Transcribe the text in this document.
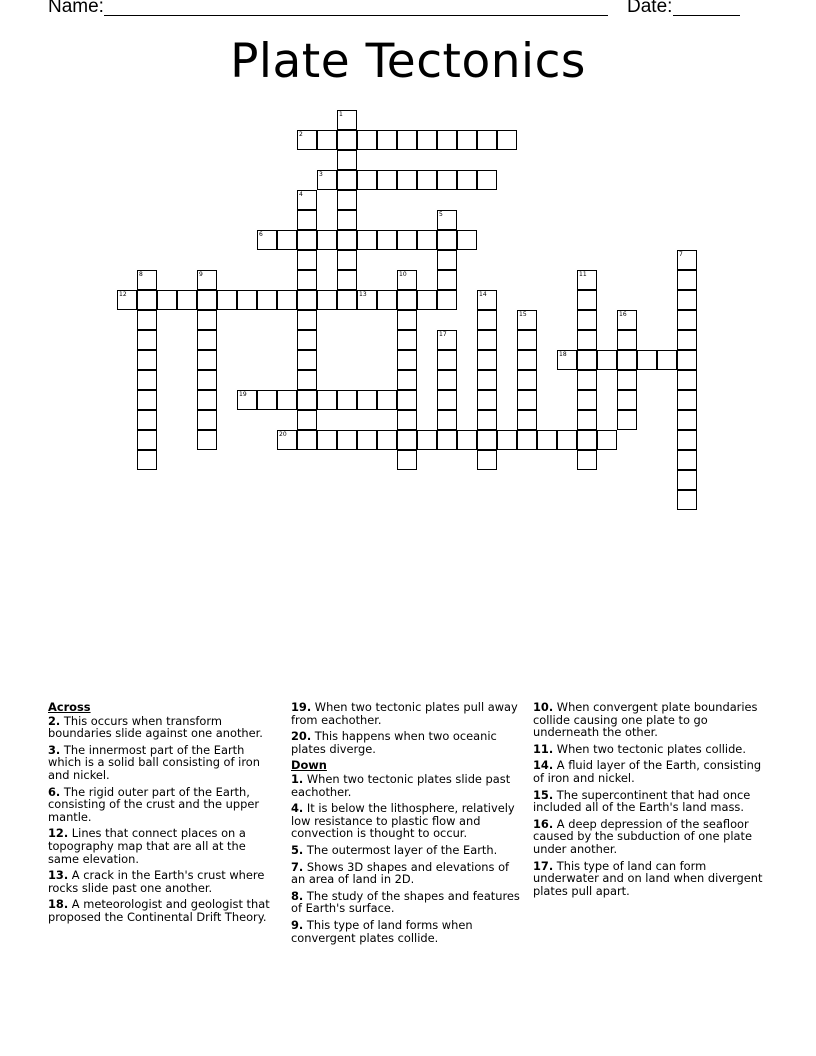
Name:	Date:
Plate Tectonics
1
2
3
4
5
6
7
8	9	10	11
12	13	14
15	16
17
18
19
20
Across
2. This occurs when transform boundaries slide against one another.
3. The innermost part of the Earth which is a solid ball consisting of iron and nickel.
6. The rigid outer part of the Earth, consisting of the crust and the upper mantle.
12. Lines that connect places on a topography map that are all at the same elevation.
13. A crack in the Earth's crust where rocks slide past one another.
18. A meteorologist and geologist that proposed the Continental Drift Theory.
19. When two tectonic plates pull away from eachother.
20. This happens when two oceanic plates diverge.
Down
1. When two tectonic plates slide past eachother.
4. It is below the lithosphere, relatively low resistance to plastic flow and convection is thought to occur.
5. The outermost layer of the Earth.
7. Shows 3D shapes and elevations of an area of land in 2D.
8. The study of the shapes and features of Earth's surface.
9. This type of land forms when convergent plates collide.
10. When convergent plate boundaries collide causing one plate to go underneath the other.
11. When two tectonic plates collide.
14. A fluid layer of the Earth, consisting of iron and nickel.
15. The supercontinent that had once included all of the Earth's land mass.
16. A deep depression of the seafloor caused by the subduction of one plate under another.
17. This type of land can form underwater and on land when divergent plates pull apart.
